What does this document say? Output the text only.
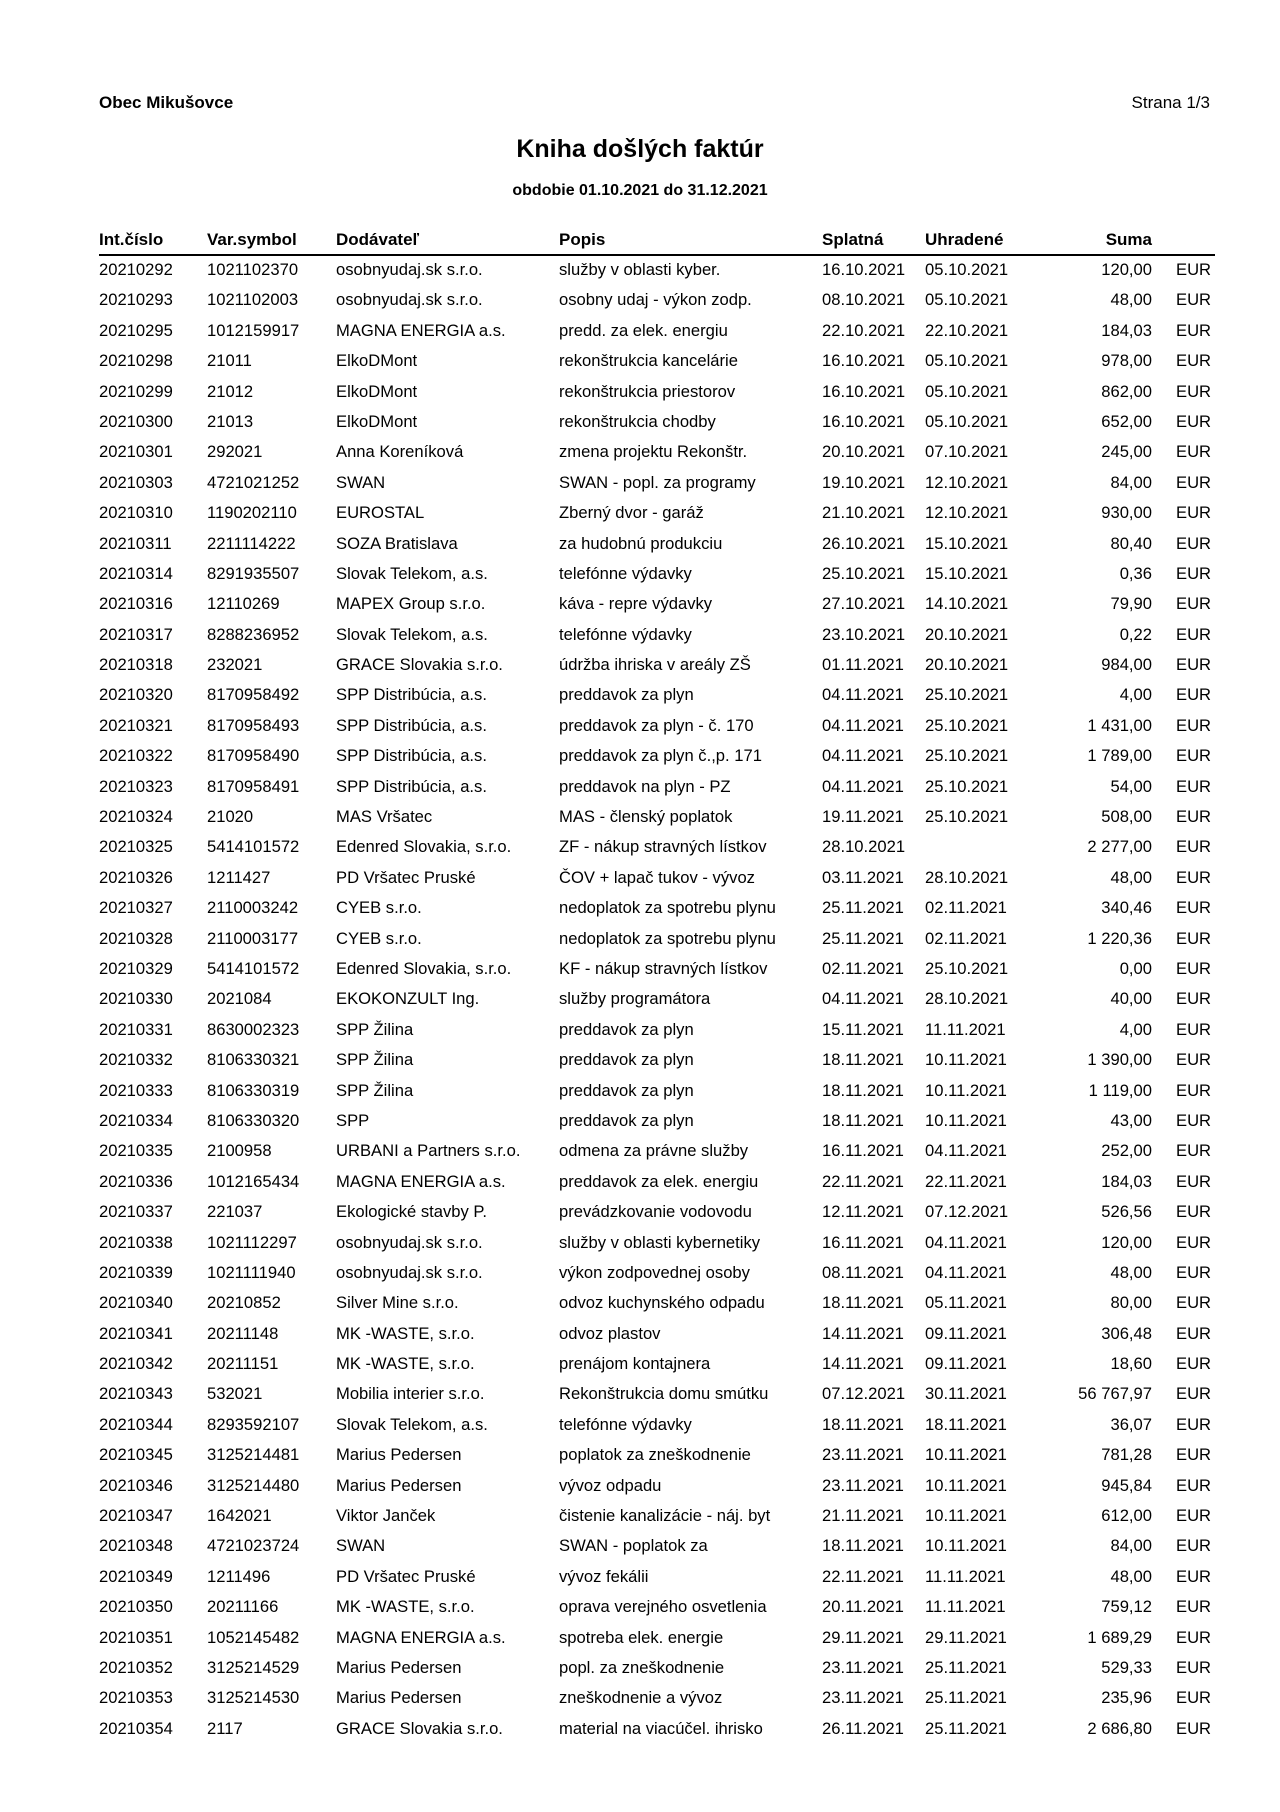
Obec Mikušovce	Strana 1/3
Kniha došlých faktúr
obdobie 01.10.2021 do 31.12.2021
Int.číslo	Var.symbol Dodávateľ	Popis	Splatná Uhradené	Suma
20210292 1021102370 osobnyudaj.sk s.r.o.	služby v oblasti kyber.	16.10.2021 05.10.2021	120,00 EUR
20210293 1021102003 osobnyudaj.sk s.r.o.	osobny udaj - výkon zodp.	08.10.2021 05.10.2021	48,00 EUR
20210295 1012159917 MAGNA ENERGIA a.s.	predd. za elek. energiu	22.10.2021 22.10.2021	184,03 EUR
20210298 21011	ElkoDMont	rekonštrukcia kancelárie	16.10.2021 05.10.2021	978,00 EUR
20210299 21012	ElkoDMont	rekonštrukcia priestorov	16.10.2021 05.10.2021	862,00 EUR
20210300 21013	ElkoDMont	rekonštrukcia chodby	16.10.2021 05.10.2021	652,00 EUR
20210301 292021	Anna Koreníková	zmena projektu Rekonštr.	20.10.2021 07.10.2021	245,00 EUR
20210303 4721021252 SWAN	SWAN - popl. za programy	19.10.2021 12.10.2021	84,00 EUR
20210310 1190202110 EUROSTAL	Zberný dvor - garáž	21.10.2021 12.10.2021	930,00 EUR
20210311 2211114222 SOZA Bratislava	za hudobnú produkciu	26.10.2021 15.10.2021	80,40 EUR
20210314 8291935507 Slovak Telekom, a.s.	telefónne výdavky	25.10.2021 15.10.2021	0,36 EUR
20210316 12110269	MAPEX Group s.r.o.	káva - repre výdavky	27.10.2021 14.10.2021	79,90 EUR
20210317 8288236952 Slovak Telekom, a.s.	telefónne výdavky	23.10.2021 20.10.2021	0,22 EUR
20210318 232021	GRACE Slovakia s.r.o.	údržba ihriska v areály ZŠ	01.11.2021 20.10.2021	984,00 EUR
20210320 8170958492 SPP Distribúcia, a.s.	preddavok za plyn	04.11.2021 25.10.2021	4,00 EUR
20210321 8170958493 SPP Distribúcia, a.s.	preddavok za plyn - č. 170	04.11.2021 25.10.2021	1 431,00 EUR
20210322 8170958490 SPP Distribúcia, a.s.	preddavok za plyn č.,p. 171	04.11.2021 25.10.2021	1 789,00 EUR
20210323 8170958491 SPP Distribúcia, a.s.	preddavok na plyn - PZ	04.11.2021 25.10.2021	54,00 EUR
20210324 21020	MAS Vršatec	MAS - členský poplatok	19.11.2021 25.10.2021	508,00 EUR
20210325 5414101572 Edenred Slovakia, s.r.o.	ZF - nákup stravných lístkov	28.10.2021	2 277,00 EUR
20210326 1211427	PD Vršatec Pruské	ČOV + lapač tukov - vývoz	03.11.2021 28.10.2021	48,00 EUR
20210327 2110003242 CYEB s.r.o.	nedoplatok za spotrebu plynu	25.11.2021 02.11.2021	340,46 EUR
20210328 2110003177 CYEB s.r.o.	nedoplatok za spotrebu plynu	25.11.2021 02.11.2021	1 220,36 EUR
20210329 5414101572 Edenred Slovakia, s.r.o.	KF - nákup stravných lístkov	02.11.2021 25.10.2021	0,00 EUR
20210330 2021084	EKOKONZULT Ing.	služby programátora	04.11.2021 28.10.2021	40,00 EUR
20210331 8630002323 SPP Žilina	preddavok za plyn	15.11.2021 11.11.2021	4,00 EUR
20210332 8106330321 SPP Žilina	preddavok za plyn	18.11.2021 10.11.2021	1 390,00 EUR
20210333 8106330319 SPP Žilina	preddavok za plyn	18.11.2021 10.11.2021	1 119,00 EUR
20210334 8106330320 SPP	preddavok za plyn	18.11.2021 10.11.2021	43,00 EUR
20210335 2100958	URBANI a Partners s.r.o. odmena za právne služby	16.11.2021 04.11.2021	252,00 EUR
20210336 1012165434 MAGNA ENERGIA a.s.	preddavok za elek. energiu	22.11.2021 22.11.2021	184,03 EUR
20210337 221037	Ekologické stavby P.	prevádzkovanie vodovodu	12.11.2021 07.12.2021	526,56 EUR
20210338 1021112297 osobnyudaj.sk s.r.o.	služby v oblasti kybernetiky	16.11.2021 04.11.2021	120,00 EUR
20210339 1021111940 osobnyudaj.sk s.r.o.	výkon zodpovednej osoby	08.11.2021 04.11.2021	48,00 EUR
20210340 20210852	Silver Mine s.r.o.	odvoz kuchynského odpadu	18.11.2021 05.11.2021	80,00 EUR
20210341 20211148	MK -WASTE, s.r.o.	odvoz plastov	14.11.2021 09.11.2021	306,48 EUR
20210342 20211151	MK -WASTE, s.r.o.	prenájom kontajnera	14.11.2021 09.11.2021	18,60 EUR
20210343 532021	Mobilia interier s.r.o.	Rekonštrukcia domu smútku	07.12.2021 30.11.2021	56 767,97 EUR
20210344 8293592107 Slovak Telekom, a.s.	telefónne výdavky	18.11.2021 18.11.2021	36,07 EUR
20210345 3125214481 Marius Pedersen	poplatok za zneškodnenie	23.11.2021 10.11.2021	781,28 EUR
20210346 3125214480 Marius Pedersen	vývoz odpadu	23.11.2021 10.11.2021	945,84 EUR
20210347 1642021	Viktor Janček	čistenie kanalizácie - náj. byt	21.11.2021 10.11.2021	612,00 EUR
20210348 4721023724 SWAN	SWAN - poplatok za	18.11.2021 10.11.2021	84,00 EUR
20210349 1211496	PD Vršatec Pruské	vývoz fekálii	22.11.2021 11.11.2021	48,00 EUR
20210350 20211166	MK -WASTE, s.r.o.	oprava verejného osvetlenia	20.11.2021 11.11.2021	759,12 EUR
20210351 1052145482 MAGNA ENERGIA a.s.	spotreba elek. energie	29.11.2021 29.11.2021	1 689,29 EUR
20210352 3125214529 Marius Pedersen	popl. za zneškodnenie	23.11.2021 25.11.2021	529,33 EUR
20210353 3125214530 Marius Pedersen	zneškodnenie a vývoz	23.11.2021 25.11.2021	235,96 EUR
20210354 2117	GRACE Slovakia s.r.o.	material na viacúčel. ihrisko	26.11.2021 25.11.2021	2 686,80 EUR
